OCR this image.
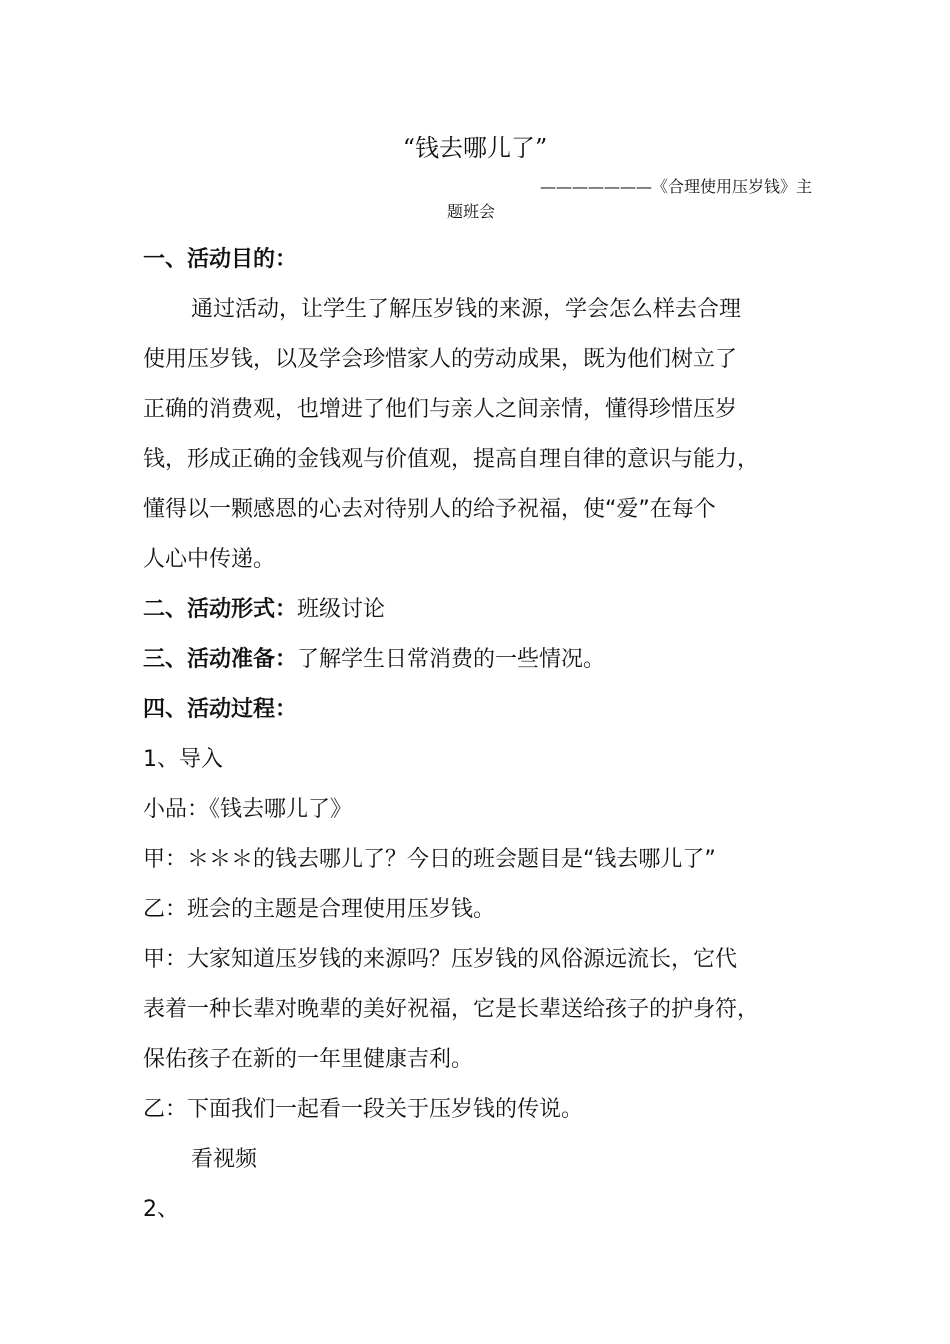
“钱去哪儿了”
———————《合理使用压岁钱》主
题班会
一、活动目的：
通过活动，让学生了解压岁钱的来源，学会怎么样去合理
使用压岁钱，以及学会珍惜家人的劳动成果，既为他们树立了
正确的消费观，也增进了他们与亲人之间亲情，懂得珍惜压岁
钱，形成正确的金钱观与价值观，提高自理自律的意识与能力，
懂得以一颗感恩的心去对待别人的给予祝福，使“爱”在每个
人心中传递。
二、活动形式：班级讨论
三、活动准备：了解学生日常消费的一些情况。
四、活动过程：
1、导入
小品：《钱去哪儿了》
甲：＊＊＊的钱去哪儿了？今日的班会题目是“钱去哪儿了”
乙：班会的主题是合理使用压岁钱。
甲：大家知道压岁钱的来源吗？压岁钱的风俗源远流长，它代
表着一种长辈对晚辈的美好祝福，它是长辈送给孩子的护身符，
保佑孩子在新的一年里健康吉利。
乙：下面我们一起看一段关于压岁钱的传说。
看视频
2、
